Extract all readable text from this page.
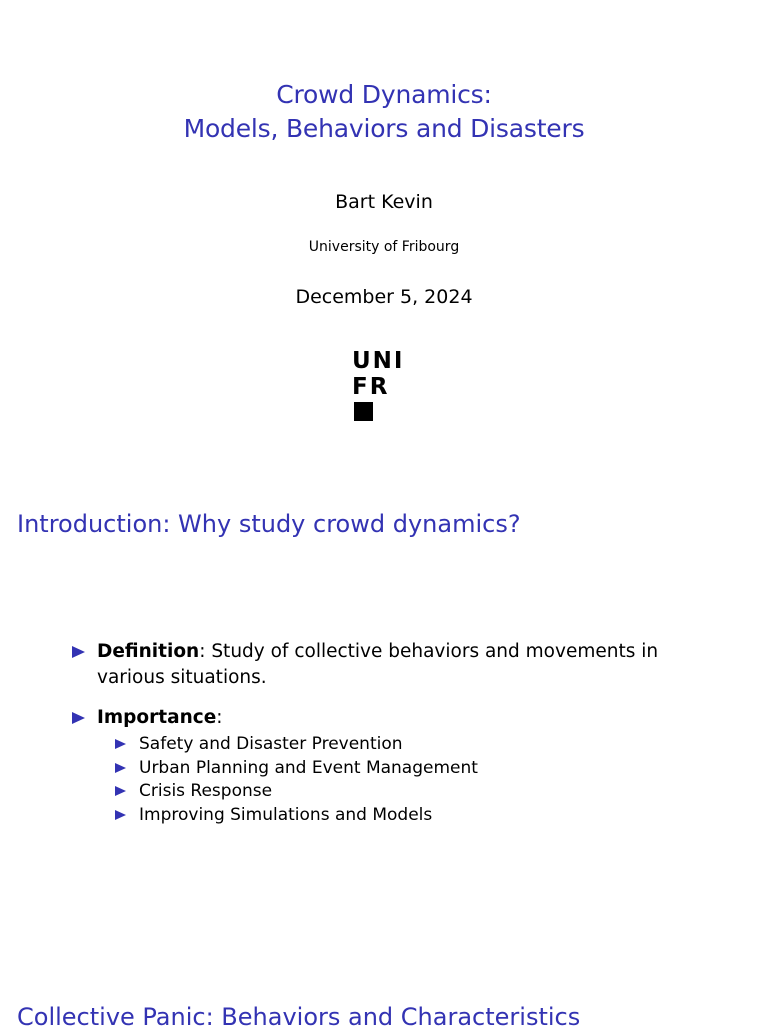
Crowd Dynamics:
Models, Behaviors and Disasters
Bart Kevin
University of Fribourg
December 5, 2024
UNI
FR
Introduction: Why study crowd dynamics?
Definition: Study of collective behaviors and movements in various situations.
Importance:
Safety and Disaster Prevention
Urban Planning and Event Management
Crisis Response
Improving Simulations and Models
Collective Panic: Behaviors and Characteristics
